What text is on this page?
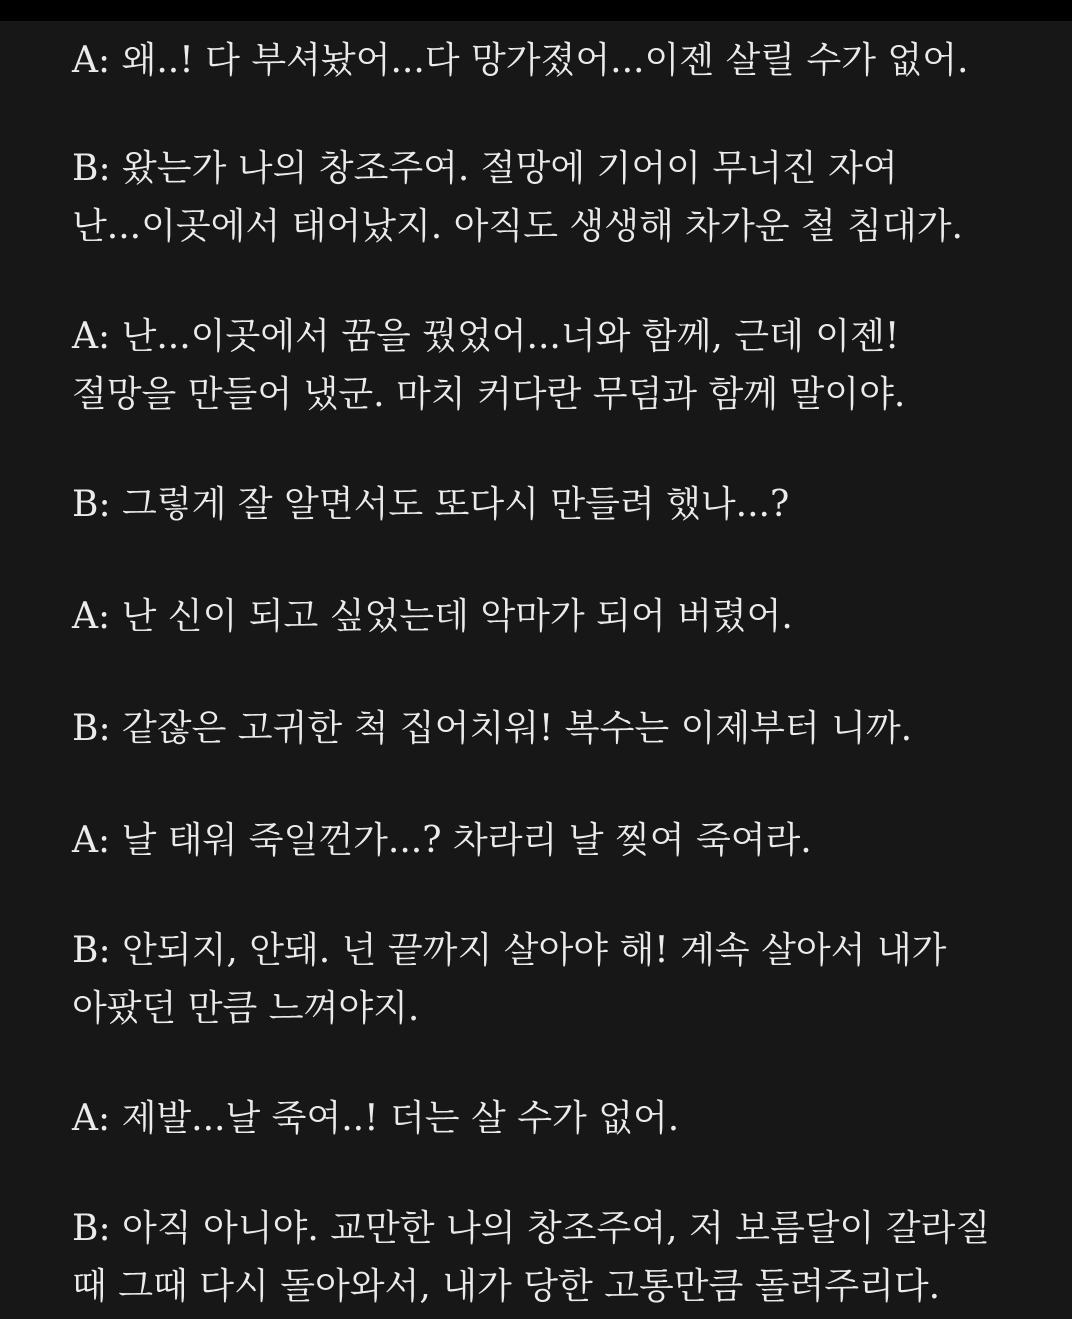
A: 왜..! 다 부셔놨어...다 망가졌어...이젠 살릴 수가 없어.

B: 왔는가 나의 창조주여. 절망에 기어이 무너진 자여

난...이곳에서 태어났지. 아직도 생생해 차가운 철 침대가.

A: 난...이곳에서 꿈을 꿨었어...너와 함께, 근데 이젠!

절망을 만들어 냈군. 마치 커다란 무덤과 함께 말이야.

B: 그렇게 잘 알면서도 또다시 만들려 했나...?

A: 난 신이 되고 싶었는데 악마가 되어 버렸어.

B: 같잖은 고귀한 척 집어치워! 복수는 이제부터 니까.

A: 날 태워 죽일껀가...? 차라리 날 찢여 죽여라.

B: 안되지, 안돼. 넌 끝까지 살아야 해! 계속 살아서 내가

아팠던 만큼 느껴야지.

A: 제발...날 죽여..! 더는 살 수가 없어.

B: 아직 아니야. 교만한 나의 창조주여, 저 보름달이 갈라질

때 그때 다시 돌아와서, 내가 당한 고통만큼 돌려주리다.
